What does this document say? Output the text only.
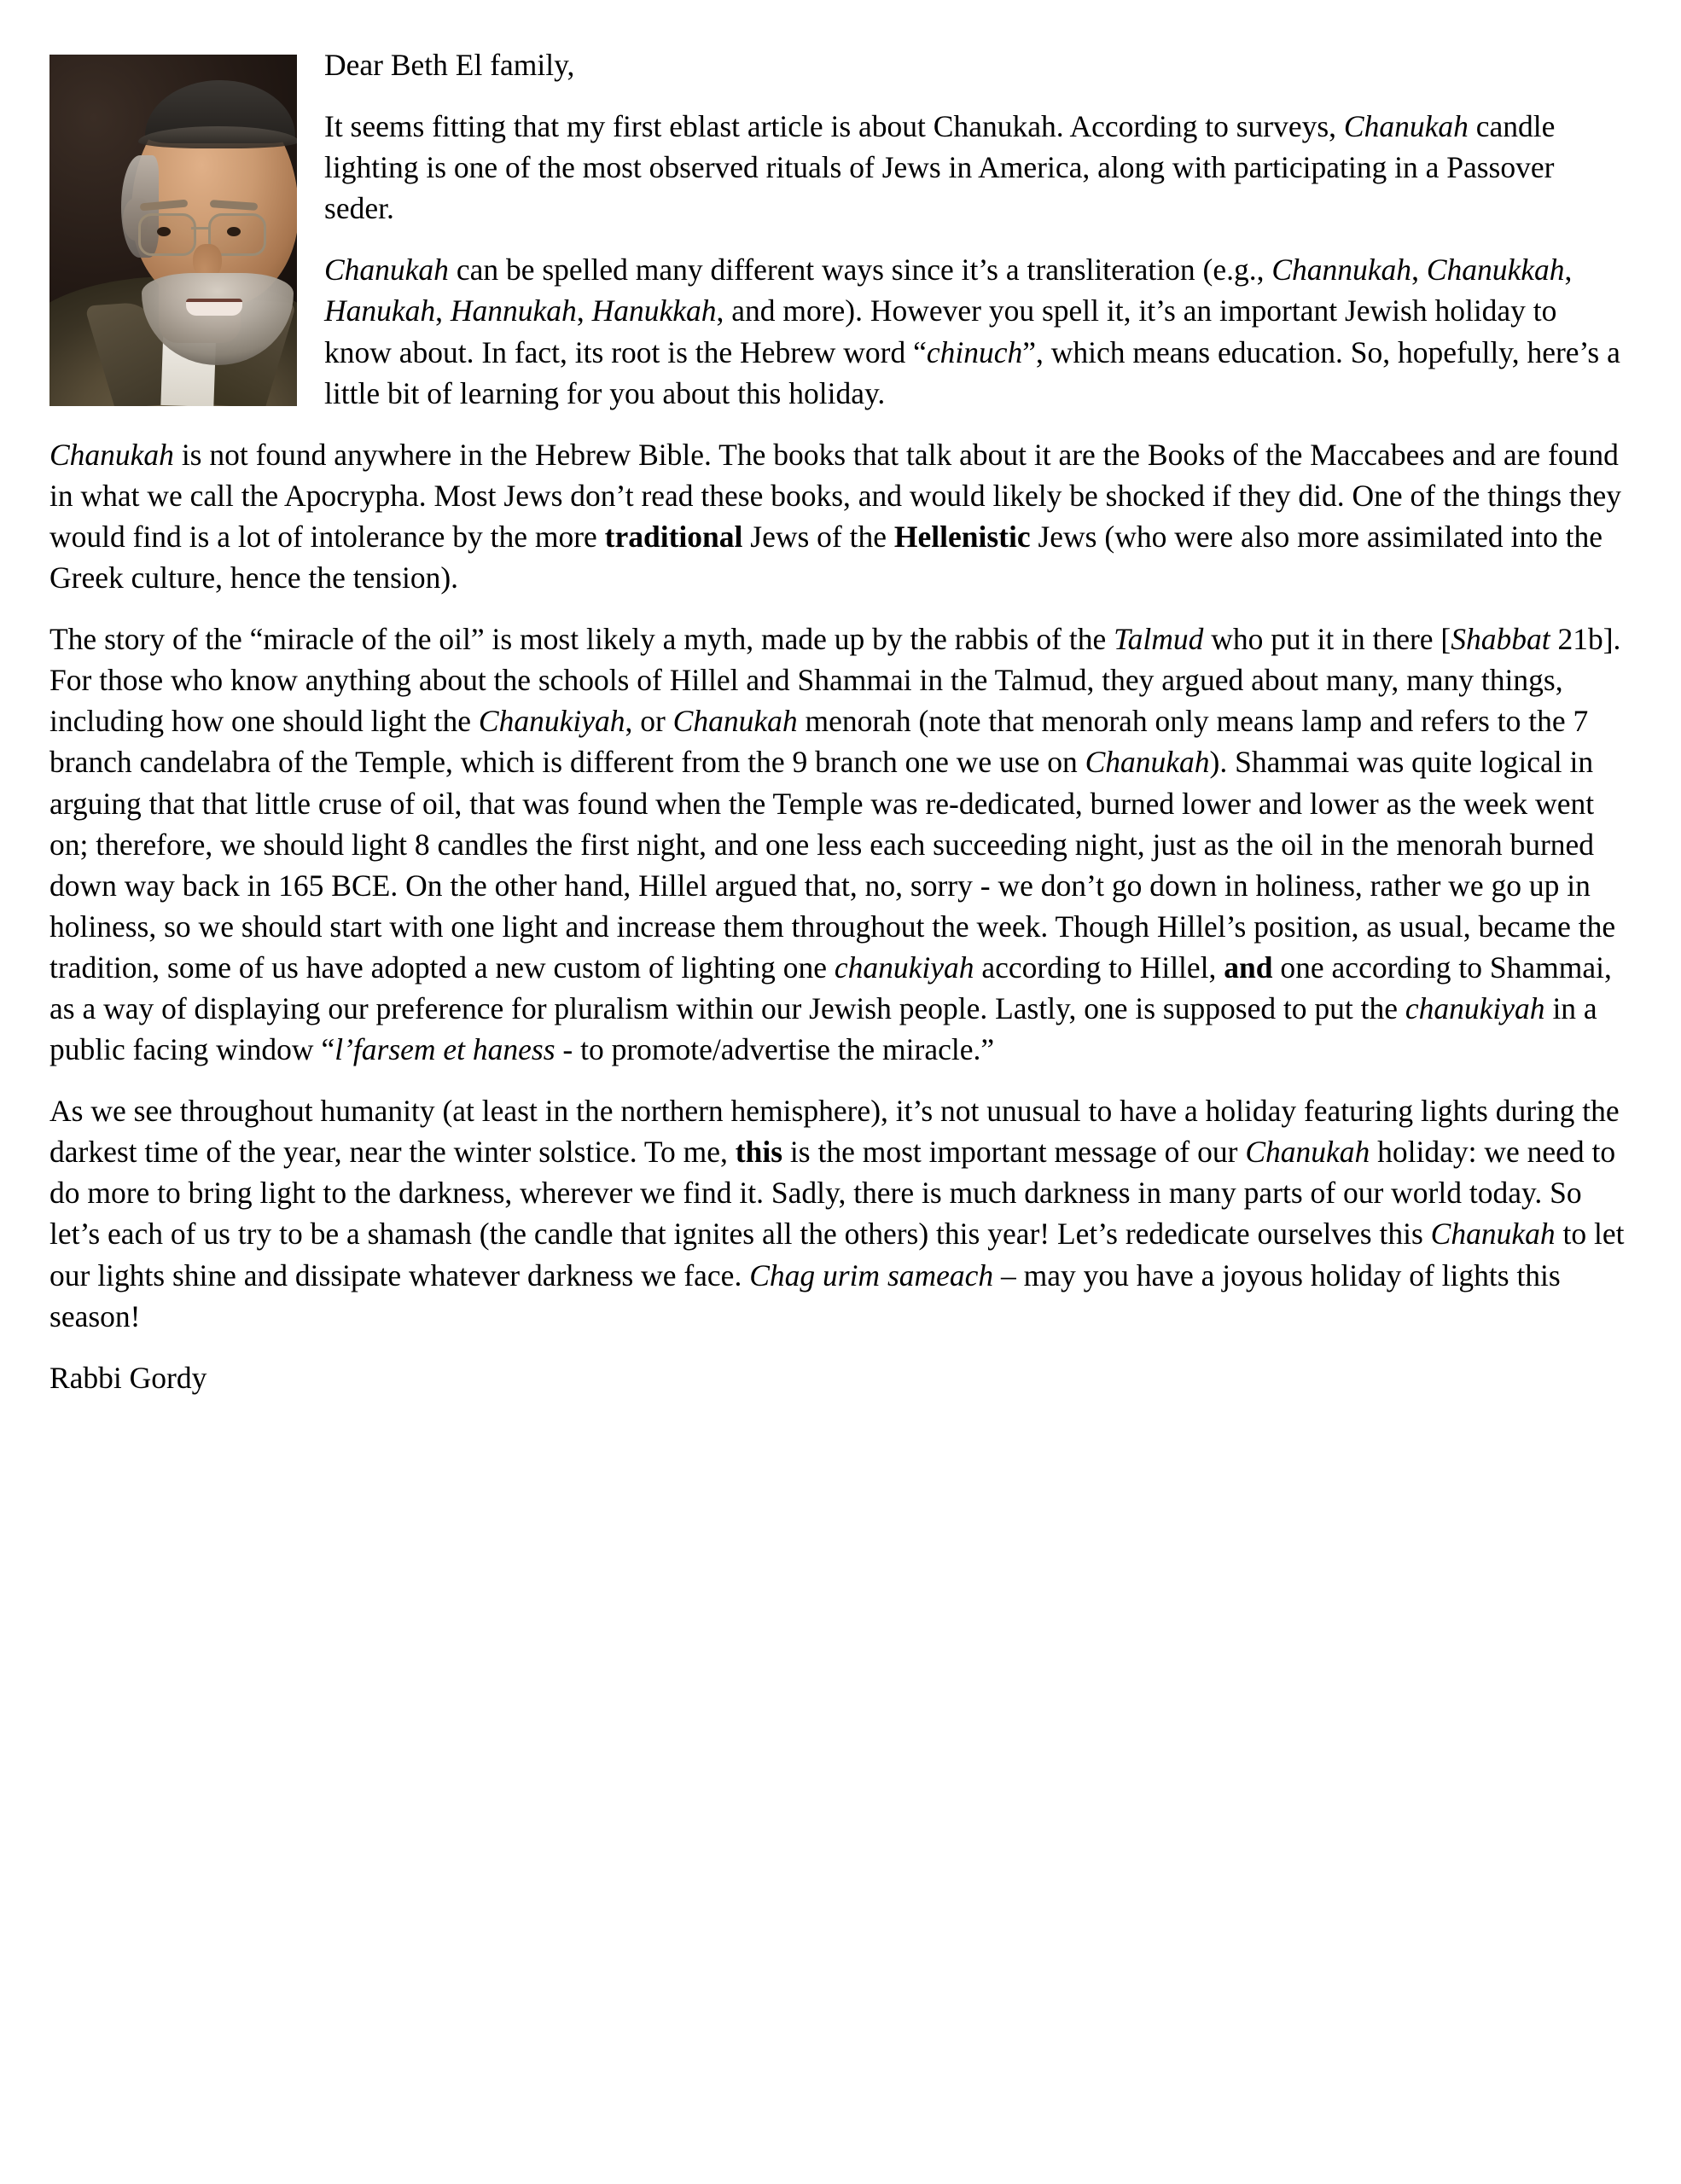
Dear Beth El family,

It seems fitting that my first eblast article is about Chanukah. According to surveys, Chanukah candle lighting is one of the most observed rituals of Jews in America, along with participating in a Passover seder.

Chanukah can be spelled many different ways since it’s a transliteration (e.g., Channukah, Chanukkah, Hanukah, Hannukah, Hanukkah, and more). However you spell it, it’s an important Jewish holiday to know about. In fact, its root is the Hebrew word “chinuch”, which means education. So, hopefully, here’s a little bit of learning for you about this holiday.

Chanukah is not found anywhere in the Hebrew Bible. The books that talk about it are the Books of the Maccabees and are found in what we call the Apocrypha. Most Jews don’t read these books, and would likely be shocked if they did. One of the things they would find is a lot of intolerance by the more traditional Jews of the Hellenistic Jews (who were also more assimilated into the Greek culture, hence the tension).

The story of the “miracle of the oil” is most likely a myth, made up by the rabbis of the Talmud who put it in there [Shabbat 21b]. For those who know anything about the schools of Hillel and Shammai in the Talmud, they argued about many, many things, including how one should light the Chanukiyah, or Chanukah menorah (note that menorah only means lamp and refers to the 7 branch candelabra of the Temple, which is different from the 9 branch one we use on Chanukah). Shammai was quite logical in arguing that that little cruse of oil, that was found when the Temple was re-dedicated, burned lower and lower as the week went on; therefore, we should light 8 candles the first night, and one less each succeeding night, just as the oil in the menorah burned down way back in 165 BCE. On the other hand, Hillel argued that, no, sorry - we don’t go down in holiness, rather we go up in holiness, so we should start with one light and increase them throughout the week. Though Hillel’s position, as usual, became the tradition, some of us have adopted a new custom of lighting one chanukiyah according to Hillel, and one according to Shammai, as a way of displaying our preference for pluralism within our Jewish people. Lastly, one is supposed to put the chanukiyah in a public facing window “l’farsem et haness - to promote/advertise the miracle.”

As we see throughout humanity (at least in the northern hemisphere), it’s not unusual to have a holiday featuring lights during the darkest time of the year, near the winter solstice. To me, this is the most important message of our Chanukah holiday: we need to do more to bring light to the darkness, wherever we find it. Sadly, there is much darkness in many parts of our world today. So let’s each of us try to be a shamash (the candle that ignites all the others) this year! Let’s rededicate ourselves this Chanukah to let our lights shine and dissipate whatever darkness we face. Chag urim sameach – may you have a joyous holiday of lights this season!

Rabbi Gordy
